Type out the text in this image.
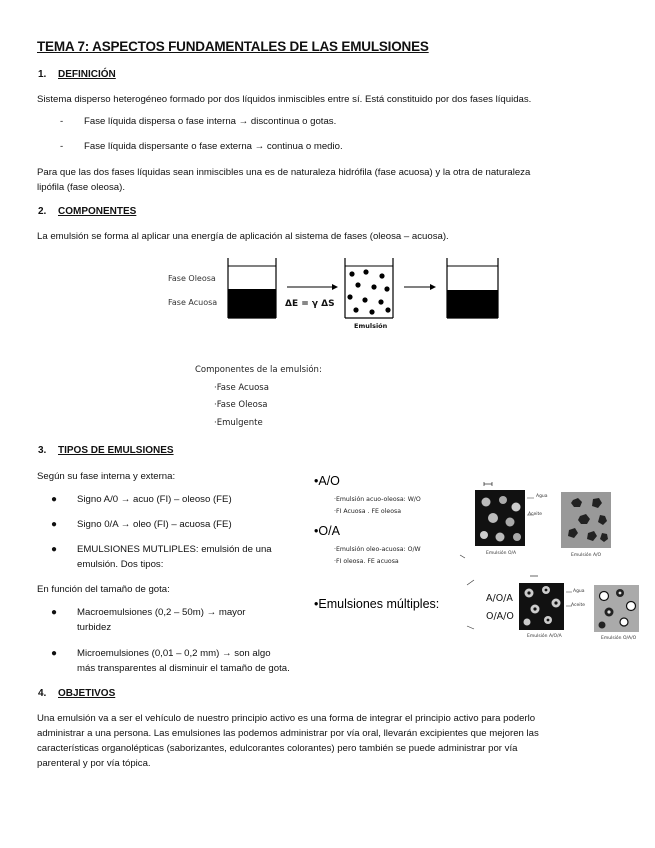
TEMA 7: ASPECTOS FUNDAMENTALES DE LAS EMULSIONES
1. DEFINICIÓN
Sistema disperso heterogéneo formado por dos líquidos inmiscibles entre sí. Está constituido por dos fases líquidas.
- Fase líquida dispersa o fase interna → discontinua o gotas.
- Fase líquida dispersante o fase externa → continua o medio.
Para que las dos fases líquidas sean inmiscibles una es de naturaleza hidrófila (fase acuosa) y la otra de naturaleza
lipófila (fase oleosa).
2. COMPONENTES
La emulsión se forma al aplicar una energía de aplicación al sistema de fases (oleosa – acuosa).
Fase Oleosa
Fase Acuosa	ΔE = γ ΔS
Emulsión
Componentes de la emulsión:
·Fase Acuosa
·Fase Oleosa
·Emulgente
3. TIPOS DE EMULSIONES
Según su fase interna y externa:
● Signo A/0 → acuo (FI) – oleoso (FE)
● Signo 0/A → oleo (FI) – acuosa (FE)
● EMULSIONES MUTLIPLES: emulsión de una
emulsión. Dos tipos:
En función del tamaño de gota:
● Macroemulsiones (0,2 – 50m) → mayor
turbidez
● Microemulsiones (0,01 – 0,2 mm) → son algo
más transparentes al disminuir el tamaño de gota.
•A/O
·Emulsión acuo-oleosa: W/O
·FI Acuosa . FE oleosa
•O/A
·Emulsión oleo-acuosa: O/W
·FI oleosa. FE acuosa
•Emulsiones múltiples:	A/O/A
O/A/O
Agua
Aceite
Emulsión O/A	Emulsión A/O
Agua
Aceite
Emulsión A/O/A	Emulsión O/A/O
4. OBJETIVOS
Una emulsión va a ser el vehículo de nuestro principio activo es una forma de integrar el principio activo para poderlo
administrar a una persona. Las emulsiones las podemos administrar por vía oral, llevarán excipientes que mejoren las
características organolépticas (saborizantes, edulcorantes colorantes) pero también se puede administrar por vía
parenteral y por vía tópica.
